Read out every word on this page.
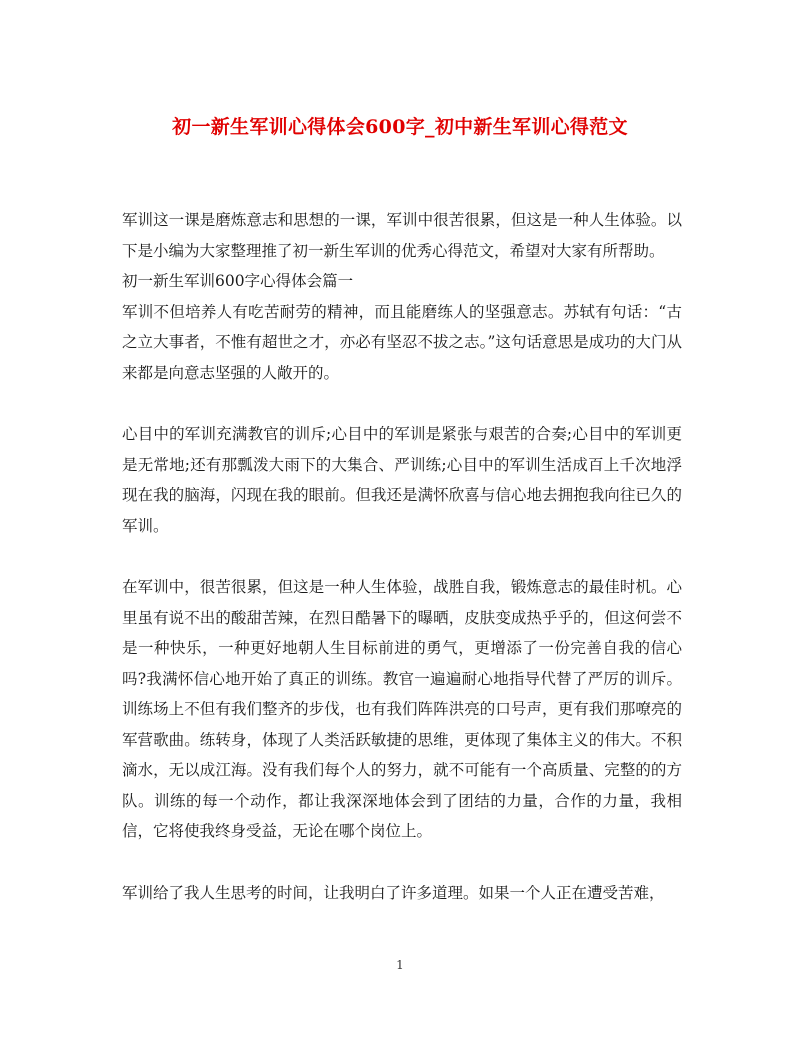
初一新生军训心得体会600字_初中新生军训心得范文

军训这一课是磨炼意志和思想的一课，军训中很苦很累，但这是一种人生体验。以下是小编为大家整理推了初一新生军训的优秀心得范文，希望对大家有所帮助。

初一新生军训600字心得体会篇一

军训不但培养人有吃苦耐劳的精神，而且能磨练人的坚强意志。苏轼有句话：“古之立大事者，不惟有超世之才，亦必有坚忍不拔之志。”这句话意思是成功的大门从来都是向意志坚强的人敞开的。

心目中的军训充满教官的训斥;心目中的军训是紧张与艰苦的合奏;心目中的军训更是无常地;还有那瓢泼大雨下的大集合、严训练;心目中的军训生活成百上千次地浮现在我的脑海，闪现在我的眼前。但我还是满怀欣喜与信心地去拥抱我向往已久的军训。

在军训中，很苦很累，但这是一种人生体验，战胜自我，锻炼意志的最佳时机。心里虽有说不出的酸甜苦辣，在烈日酷暑下的曝晒，皮肤变成热乎乎的，但这何尝不是一种快乐，一种更好地朝人生目标前进的勇气，更增添了一份完善自我的信心吗?我满怀信心地开始了真正的训练。教官一遍遍耐心地指导代替了严厉的训斥。训练场上不但有我们整齐的步伐，也有我们阵阵洪亮的口号声，更有我们那嘹亮的军营歌曲。练转身，体现了人类活跃敏捷的思维，更体现了集体主义的伟大。不积滴水，无以成江海。没有我们每个人的努力，就不可能有一个高质量、完整的的方队。训练的每一个动作，都让我深深地体会到了团结的力量，合作的力量，我相信，它将使我终身受益，无论在哪个岗位上。

军训给了我人生思考的时间，让我明白了许多道理。如果一个人正在遭受苦难，

1
